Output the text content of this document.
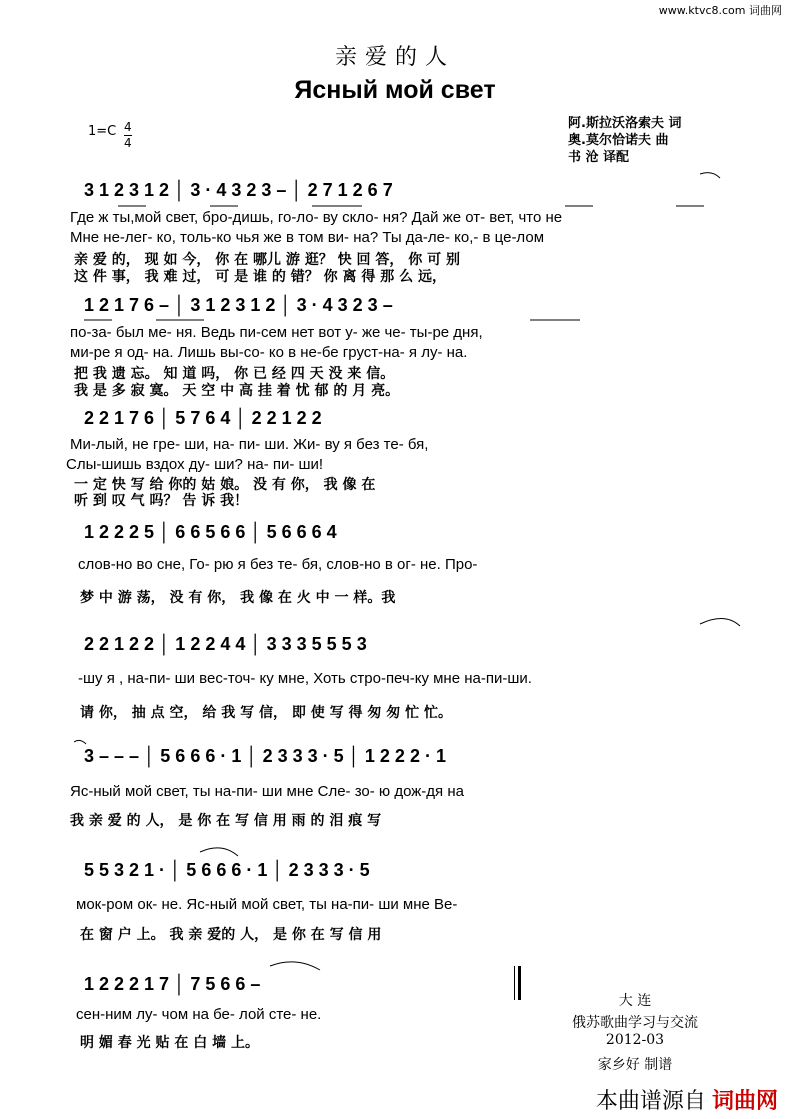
www.ktvc8.com 词曲网
亲爱的人
Ясный мой свет
阿.斯拉沃洛索夫 词
奥.莫尔恰诺夫 曲
书 沧 译配
$1=C \frac{4}{4}$
3 1 2 3 1 2 │ 3 · 4 3 2 3 – │ 2 7 1 2 6 7
Где ж ты,мой свет, бро-дишь, го-ло- ву скло- ня? Дай же от- вет, что не
Мне не-лег- ко, толь-ко чья же в том ви- на? Ты да-ле- ко,- в це-лом
亲 爱 的， 现 如 今， 你 在 哪儿 游 逛？ 快 回 答， 你 可 别
这 件 事， 我 难 过， 可 是 谁 的 错？ 你 离 得 那 么 远，
1 2 1 7 6 – │ 3 1 2 3 1 2 │ 3 · 4 3 2 3 –
по-за- был ме- ня. Ведь пи-сем нет вот у- же че- ты-ре дня,
ми-ре я од- на. Лишь вы-со- ко в не-бе груст-на- я лу- на.
把 我 遗 忘。 知 道 吗， 你 已 经 四 天 没 来 信。
我 是 多 寂 寞。 天 空 中 高 挂 着 忧 郁 的 月 亮。
2 2 1 7 6 │ 5 7 6 4 │ 2 2 1 2 2
Ми-лый, не гре- ши, на- пи- ши. Жи- ву я без те- бя,
Слы-шишь вздох ду- ши? на- пи- ши!
一 定 快 写 给 你的 姑 娘。 没 有 你， 我 像 在
听 到 叹 气 吗？ 告 诉 我！
1 2 2 2 5 │ 6 6 5 6 6 │ 5 6 6 6 4
слов-но во сне, Го- рю я без те- бя, слов-но в ог- не. Про-
梦 中 游 荡， 没 有 你， 我 像 在 火 中 一 样。我
2 2 1 2 2 │ 1 2 2 4 4 │ 3 3 3 5 5 5 3
-шу я , на-пи- ши вес-точ- ку мне, Хоть стро-печ-ку мне на-пи-ши.
请 你， 抽 点 空， 给 我 写 信， 即 使 写 得 匆 匆 忙 忙。
3 – – – │ 5 6 6 6 · 1 │ 2 3 3 3 · 5 │ 1 2 2 2 · 1
Яс-ный мой свет, ты на-пи- ши мне Сле- зо- ю дож-дя на
我 亲 爱 的 人， 是 你 在 写 信 用 雨 的 泪 痕 写
5 5 3 2 1 · │ 5 6 6 6 · 1 │ 2 3 3 3 · 5
мок-ром ок- не. Яс-ный мой свет, ты на-пи- ши мне Ве-
在 窗 户 上。 我 亲 爱的 人， 是 你 在 写 信 用
1 2 2 2 1 7 │ 7 5 6 6 –
сен-ним лу- чом на бе- лой сте- не.
明 媚 春 光 贴 在 白 墙 上。
大 连
俄苏歌曲学习与交流
2012-03
家乡好 制谱
本曲谱源自 词曲网
